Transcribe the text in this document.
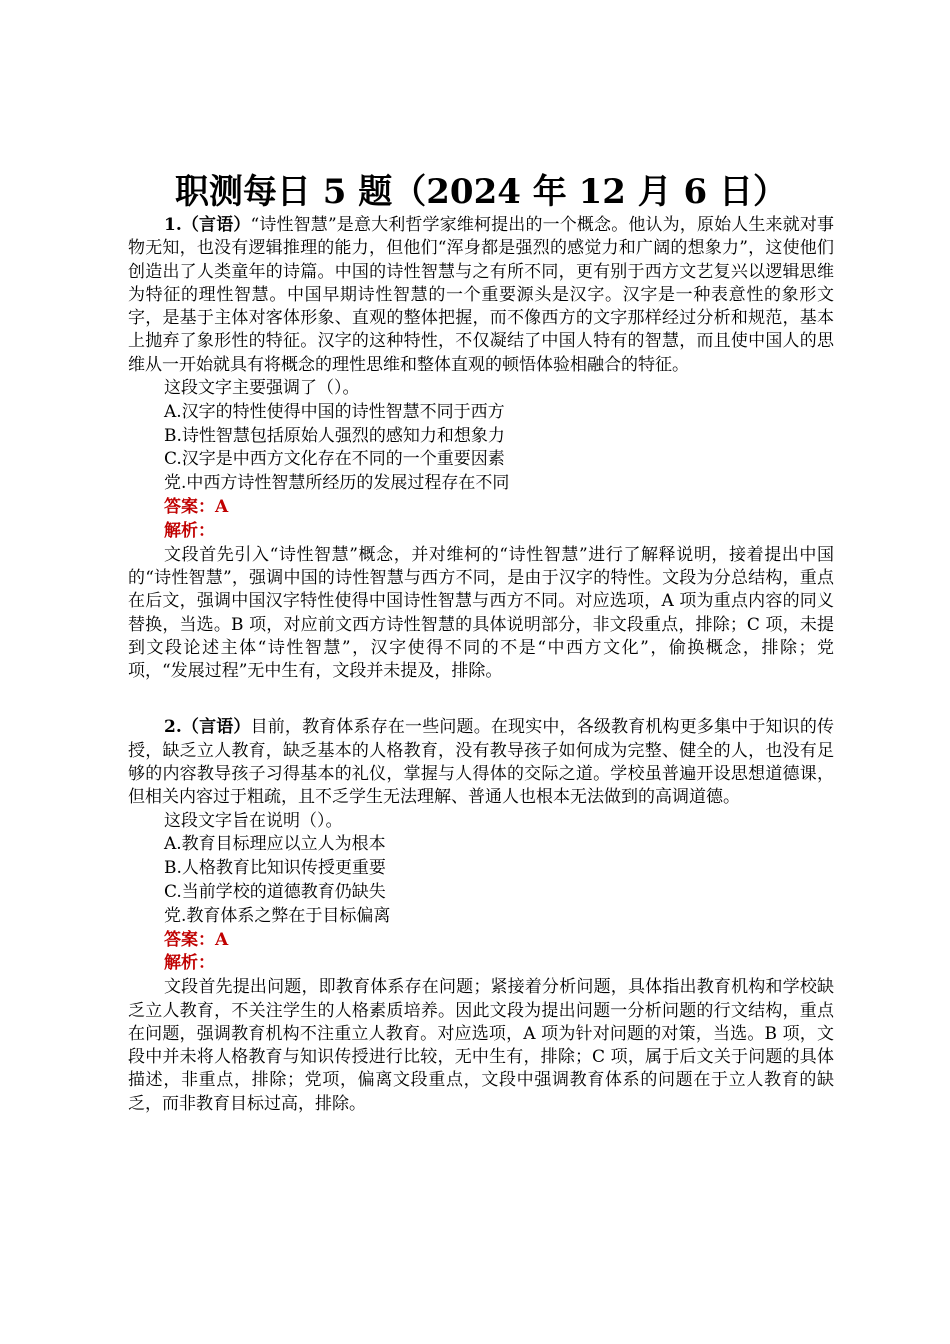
职测每日 5 题（2024 年 12 月 6 日）

1.（言语）“诗性智慧”是意大利哲学家维柯提出的一个概念。他认为，原始人生来就对事物无知，也没有逻辑推理的能力，但他们“浑身都是强烈的感觉力和广阔的想象力”，这使他们创造出了人类童年的诗篇。中国的诗性智慧与之有所不同，更有别于西方文艺复兴以逻辑思维为特征的理性智慧。中国早期诗性智慧的一个重要源头是汉字。汉字是一种表意性的象形文字，是基于主体对客体形象、直观的整体把握，而不像西方的文字那样经过分析和规范，基本上抛弃了象形性的特征。汉字的这种特性，不仅凝结了中国人特有的智慧，而且使中国人的思维从一开始就具有将概念的理性思维和整体直观的顿悟体验相融合的特征。

这段文字主要强调了（）。

A.汉字的特性使得中国的诗性智慧不同于西方

B.诗性智慧包括原始人强烈的感知力和想象力

C.汉字是中西方文化存在不同的一个重要因素

党.中西方诗性智慧所经历的发展过程存在不同

答案：A

解析：

文段首先引入“诗性智慧”概念，并对维柯的“诗性智慧”进行了解释说明，接着提出中国的“诗性智慧”，强调中国的诗性智慧与西方不同，是由于汉字的特性。文段为分总结构，重点在后文，强调中国汉字特性使得中国诗性智慧与西方不同。对应选项，A 项为重点内容的同义替换，当选。B 项，对应前文西方诗性智慧的具体说明部分，非文段重点，排除；C 项，未提到文段论述主体“诗性智慧”，汉字使得不同的不是“中西方文化”，偷换概念，排除；党项，“发展过程”无中生有，文段并未提及，排除。

2.（言语）目前，教育体系存在一些问题。在现实中，各级教育机构更多集中于知识的传授，缺乏立人教育，缺乏基本的人格教育，没有教导孩子如何成为完整、健全的人，也没有足够的内容教导孩子习得基本的礼仪，掌握与人得体的交际之道。学校虽普遍开设思想道德课，但相关内容过于粗疏，且不乏学生无法理解、普通人也根本无法做到的高调道德。

这段文字旨在说明（）。

A.教育目标理应以立人为根本

B.人格教育比知识传授更重要

C.当前学校的道德教育仍缺失

党.教育体系之弊在于目标偏离

答案：A

解析：

文段首先提出问题，即教育体系存在问题；紧接着分析问题，具体指出教育机构和学校缺乏立人教育，不关注学生的人格素质培养。因此文段为提出问题一分析问题的行文结构，重点在问题，强调教育机构不注重立人教育。对应选项，A 项为针对问题的对策，当选。B 项，文段中并未将人格教育与知识传授进行比较，无中生有，排除；C 项，属于后文关于问题的具体描述，非重点，排除；党项，偏离文段重点，文段中强调教育体系的问题在于立人教育的缺乏，而非教育目标过高，排除。
